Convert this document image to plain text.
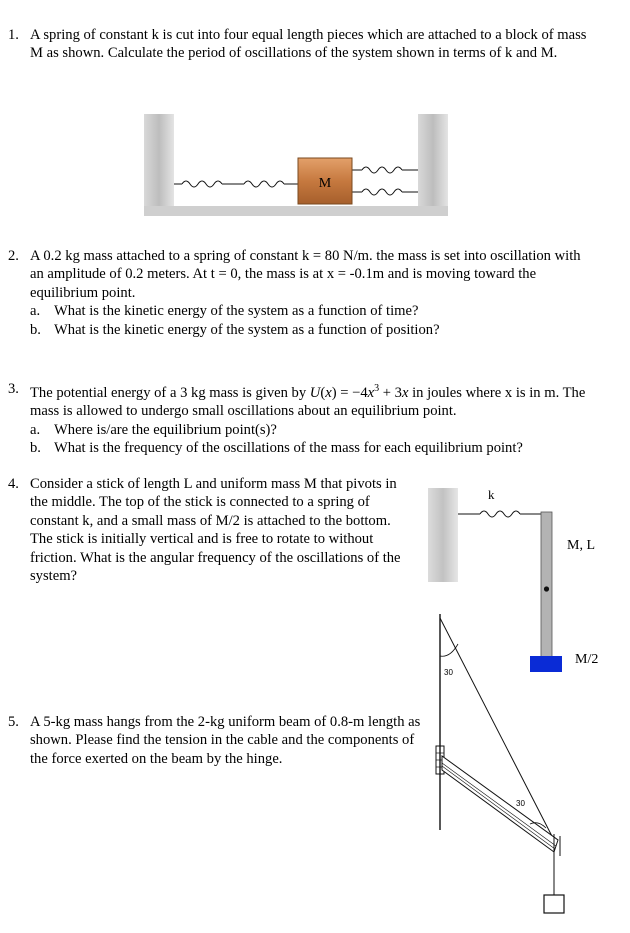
1. A spring of constant k is cut into four equal length pieces which are attached to a block of mass M as shown. Calculate the period of oscillations of the system shown in terms of k and M.
M
2. A 0.2 kg mass attached to a spring of constant k = 80 N/m. the mass is set into oscillation with an amplitude of 0.2 meters. At t = 0, the mass is at x = -0.1m and is moving toward the equilibrium point.
a. What is the kinetic energy of the system as a function of time?
b. What is the kinetic energy of the system as a function of position?
3. The potential energy of a 3 kg mass is given by $U(x) = -4x^3 + 3x$ in joules where x is in m. The mass is allowed to undergo small oscillations about an equilibrium point.
a. Where is/are the equilibrium point(s)?
b. What is the frequency of the oscillations of the mass for each equilibrium point?
4. Consider a stick of length L and uniform mass M that pivots in the middle. The top of the stick is connected to a spring of constant k, and a small mass of M/2 is attached to the bottom. The stick is initially vertical and is free to rotate to without friction. What is the angular frequency of the oscillations of the system?
k
M, L
M/2
5. A 5-kg mass hangs from the 2-kg uniform beam of 0.8-m length as shown. Please find the tension in the cable and the components of the force exerted on the beam by the hinge.
30
30
